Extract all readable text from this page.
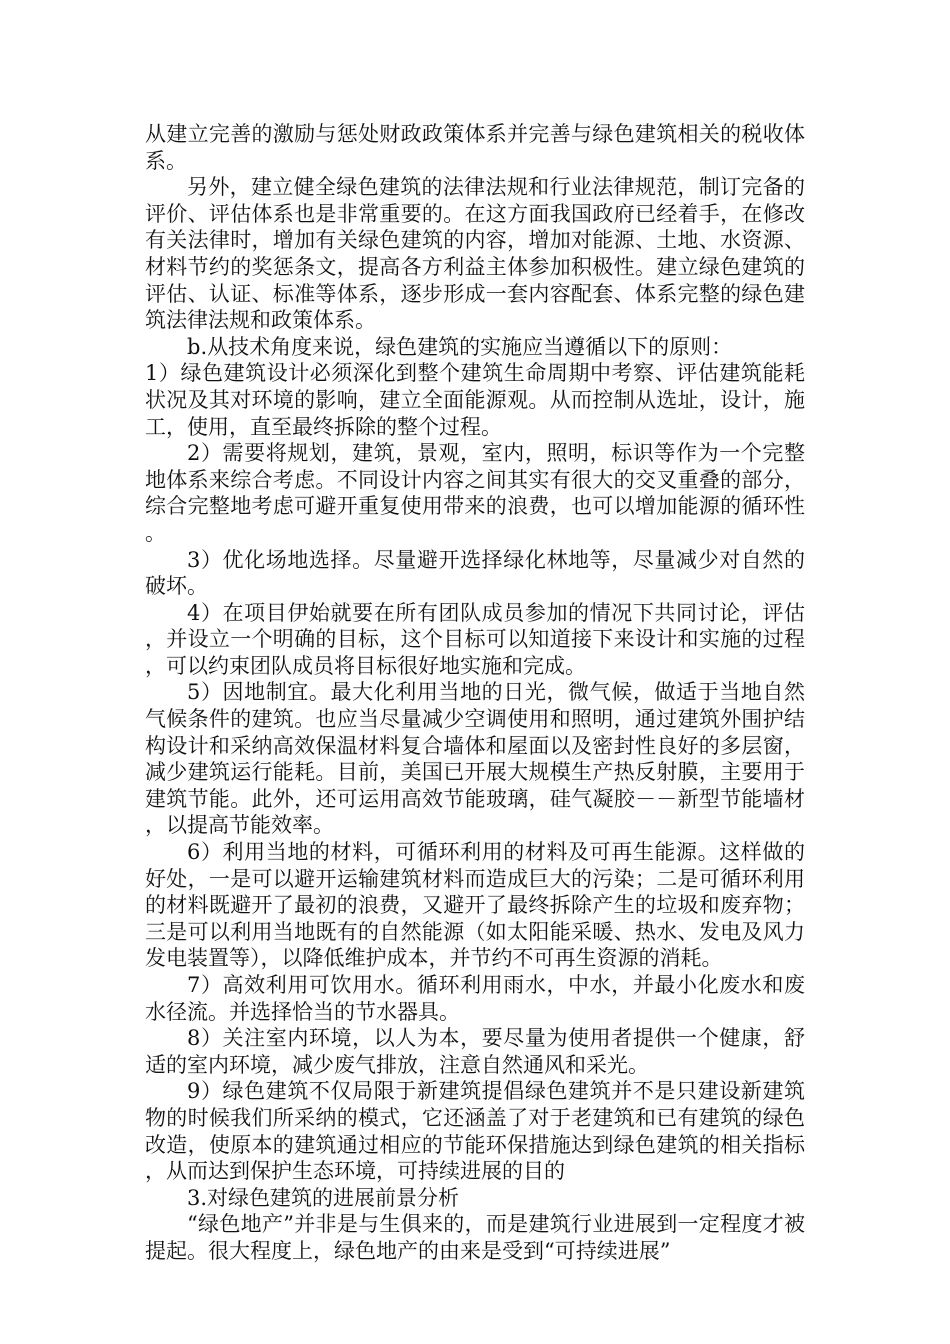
从建立完善的激励与惩处财政政策体系并完善与绿色建筑相关的税收体系。

另外，建立健全绿色建筑的法律法规和行业法律规范，制订完备的评价、评估体系也是非常重要的。在这方面我国政府已经着手，在修改有关法律时，增加有关绿色建筑的内容，增加对能源、土地、水资源、材料节约的奖惩条文，提高各方利益主体参加积极性。建立绿色建筑的评估、认证、标准等体系，逐步形成一套内容配套、体系完整的绿色建筑法律法规和政策体系。

b.从技术角度来说，绿色建筑的实施应当遵循以下的原则：

1）绿色建筑设计必须深化到整个建筑生命周期中考察、评估建筑能耗状况及其对环境的影响，建立全面能源观。从而控制从选址，设计，施工，使用，直至最终拆除的整个过程。

2）需要将规划，建筑，景观，室内，照明，标识等作为一个完整地体系来综合考虑。不同设计内容之间其实有很大的交叉重叠的部分，综合完整地考虑可避开重复使用带来的浪费，也可以增加能源的循环性。

3）优化场地选择。尽量避开选择绿化林地等，尽量减少对自然的破坏。

4）在项目伊始就要在所有团队成员参加的情况下共同讨论，评估，并设立一个明确的目标，这个目标可以知道接下来设计和实施的过程，可以约束团队成员将目标很好地实施和完成。

5）因地制宜。最大化利用当地的日光，微气候，做适于当地自然气候条件的建筑。也应当尽量减少空调使用和照明，通过建筑外围护结构设计和采纳高效保温材料复合墙体和屋面以及密封性良好的多层窗，减少建筑运行能耗。目前，美国已开展大规模生产热反射膜，主要用于建筑节能。此外，还可运用高效节能玻璃，硅气凝胶－－新型节能墙材，以提高节能效率。

6）利用当地的材料，可循环利用的材料及可再生能源。这样做的好处，一是可以避开运输建筑材料而造成巨大的污染；二是可循环利用的材料既避开了最初的浪费，又避开了最终拆除产生的垃圾和废弃物；三是可以利用当地既有的自然能源（如太阳能采暖、热水、发电及风力发电装置等），以降低维护成本，并节约不可再生资源的消耗。

7）高效利用可饮用水。循环利用雨水，中水，并最小化废水和废水径流。并选择恰当的节水器具。

8）关注室内环境，以人为本，要尽量为使用者提供一个健康，舒适的室内环境，减少废气排放，注意自然通风和采光。

9）绿色建筑不仅局限于新建筑提倡绿色建筑并不是只建设新建筑物的时候我们所采纳的模式，它还涵盖了对于老建筑和已有建筑的绿色改造，使原本的建筑通过相应的节能环保措施达到绿色建筑的相关指标，从而达到保护生态环境，可持续进展的目的

3.对绿色建筑的进展前景分析

“绿色地产”并非是与生俱来的，而是建筑行业进展到一定程度才被提起。很大程度上，绿色地产的由来是受到“可持续进展”
